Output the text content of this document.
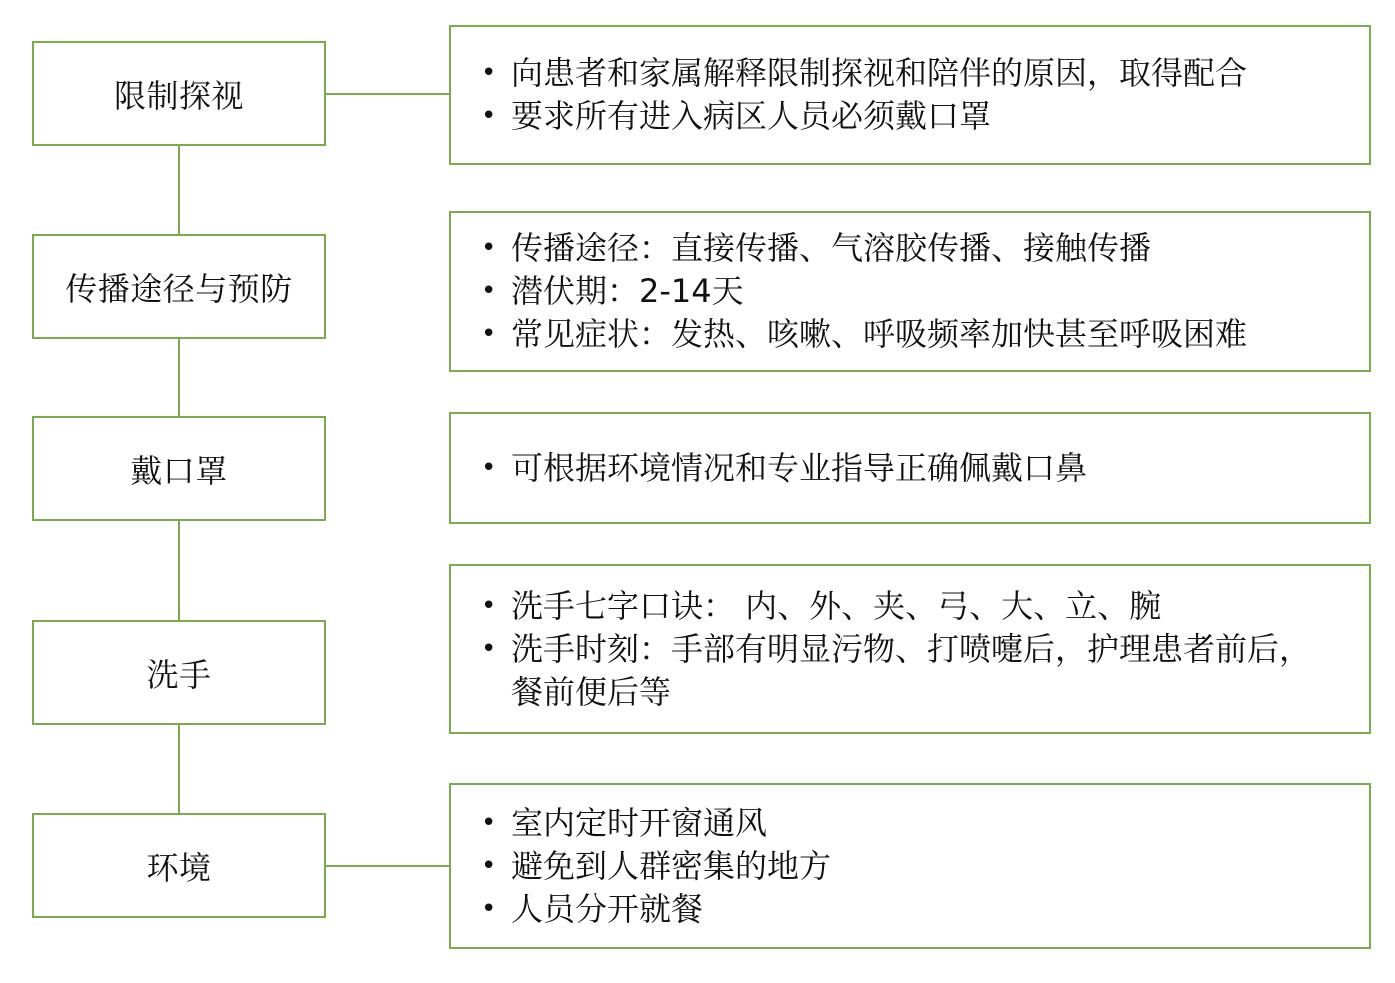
限制探视
• 向患者和家属解释限制探视和陪伴的原因，取得配合
• 要求所有进入病区人员必须戴口罩
传播途径与预防
• 传播途径：直接传播、气溶胶传播、接触传播
• 潜伏期：2-14天
• 常见症状：发热、咳嗽、呼吸频率加快甚至呼吸困难
戴口罩	• 可根据环境情况和专业指导正确佩戴口鼻
洗手
• 洗手七字口诀： 内、外、夹、弓、大、立、腕
• 洗手时刻：手部有明显污物、打喷嚏后，护理患者前后，餐前便后等
环境
• 室内定时开窗通风
• 避免到人群密集的地方
• 人员分开就餐
